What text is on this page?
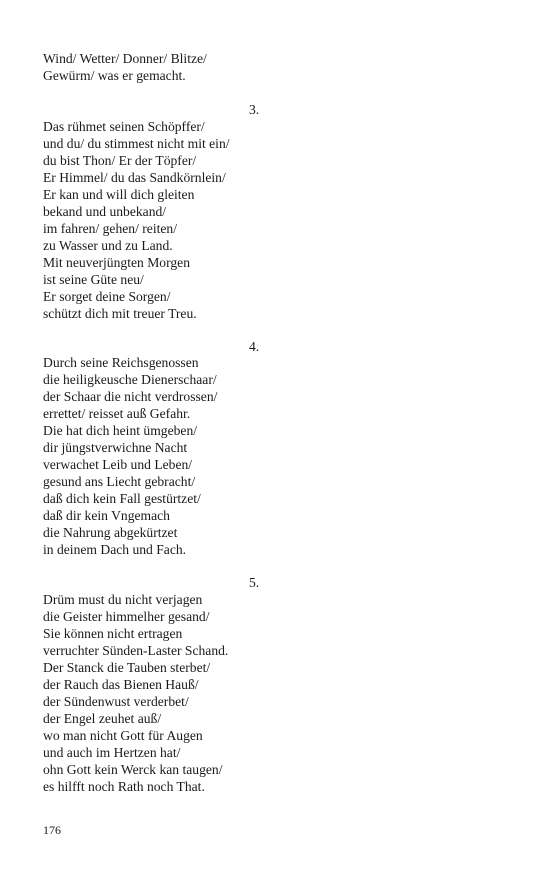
Wind/ Wetter/ Donner/ Blitze/
Gewürm/ was er gemacht.
3.
Das rühmet seinen Schöpffer/
und du/ du stimmest nicht mit ein/
du bist Thon/ Er der Töpfer/
Er Himmel/ du das Sandkörnlein/
Er kan und will dich gleiten
bekand und unbekand/
im fahren/ gehen/ reiten/
zu Wasser und zu Land.
Mit neuverjüngten Morgen
ist seine Güte neu/
Er sorget deine Sorgen/
schützt dich mit treuer Treu.
4.
Durch seine Reichsgenossen
die heiligkeusche Dienerschaar/
der Schaar die nicht verdrossen/
errettet/ reisset auß Gefahr.
Die hat dich heint ümgeben/
dir jüngstverwichne Nacht
verwachet Leib und Leben/
gesund ans Liecht gebracht/
daß dich kein Fall gestürtzet/
daß dir kein Vngemach
die Nahrung abgekürtzet
in deinem Dach und Fach.
5.
Drüm must du nicht verjagen
die Geister himmelher gesand/
Sie können nicht ertragen
verruchter Sünden-Laster Schand.
Der Stanck die Tauben sterbet/
der Rauch das Bienen Hauß/
der Sündenwust verderbet/
der Engel zeuhet auß/
wo man nicht Gott für Augen
und auch im Hertzen hat/
ohn Gott kein Werck kan taugen/
es hilfft noch Rath noch That.
176
